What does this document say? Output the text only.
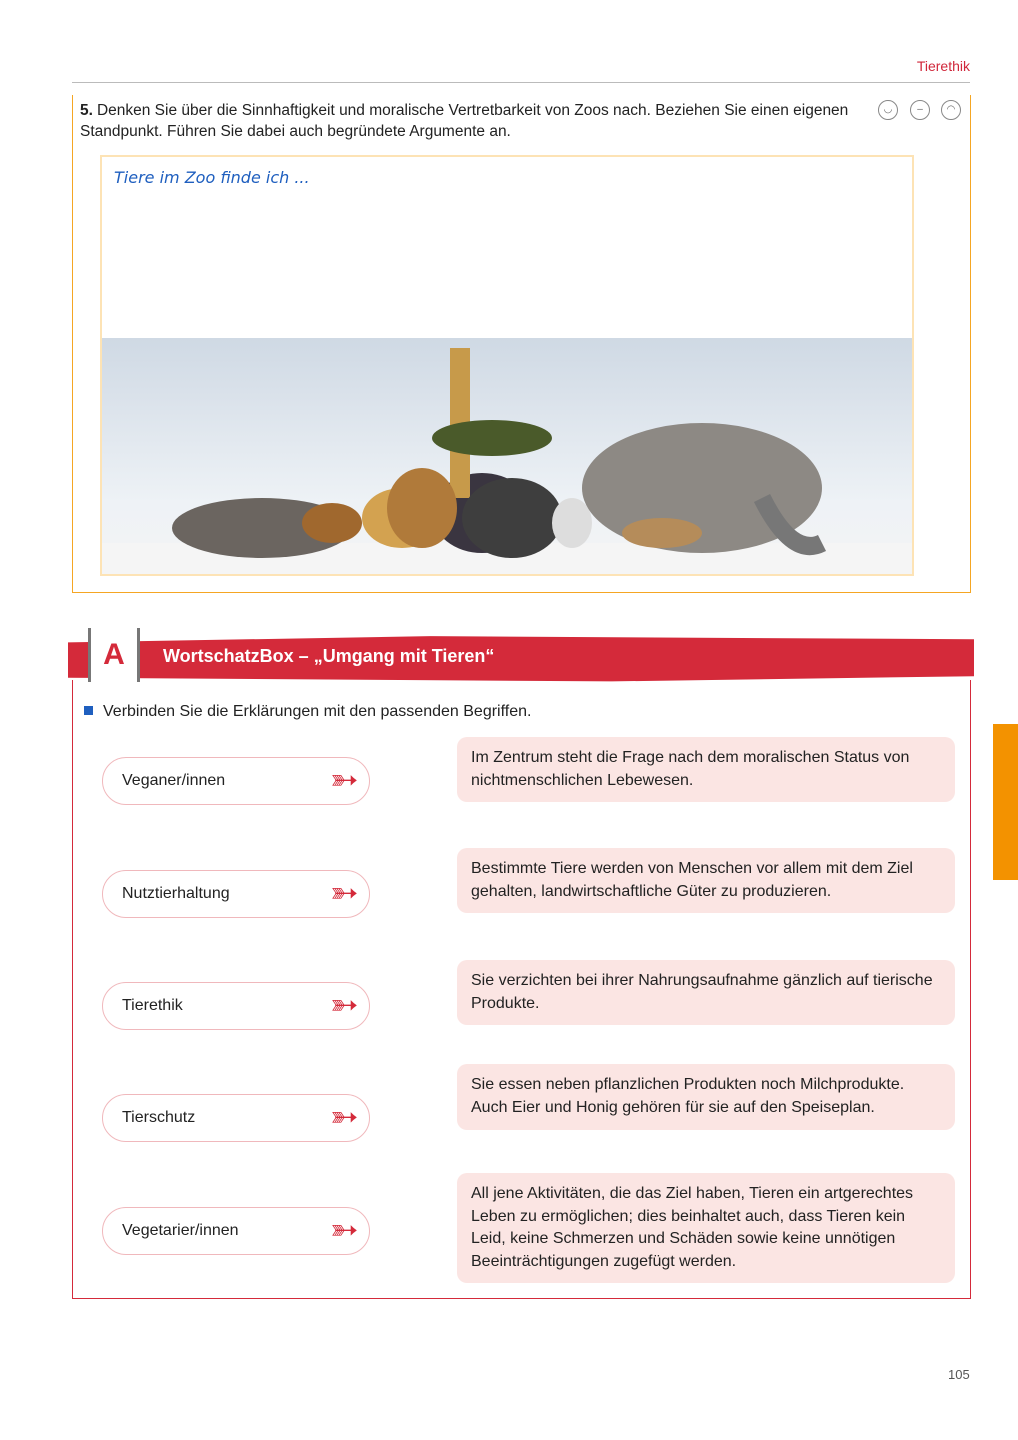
Tierethik
5. Denken Sie über die Sinnhaftigkeit und moralische Vertretbarkeit von Zoos nach. Beziehen Sie einen eigenen Standpunkt. Führen Sie dabei auch begründete Argumente an.
◡	–	◠
Tiere im Zoo finde ich ...
A	WortschatzBox – „Umgang mit Tieren“
Verbinden Sie die Erklärungen mit den passenden Begriffen.
Veganer/innen
Nutztierhaltung
Tierethik
Tierschutz
Vegetarier/innen
➳
➳
➳
➳
➳
Im Zentrum steht die Frage nach dem moralischen Status von nichtmenschlichen Lebewesen.
Bestimmte Tiere werden von Menschen vor allem mit dem Ziel gehalten, landwirtschaftliche Güter zu produzieren.
Sie verzichten bei ihrer Nahrungsaufnahme gänzlich auf tierische Produkte.
Sie essen neben pflanzlichen Produkten noch Milchprodukte. Auch Eier und Honig gehören für sie auf den Speiseplan.
All jene Aktivitäten, die das Ziel haben, Tieren ein artgerechtes Leben zu ermöglichen; dies beinhaltet auch, dass Tieren kein Leid, keine Schmerzen und Schäden sowie keine unnötigen Beeinträchtigungen zugefügt werden.
105
